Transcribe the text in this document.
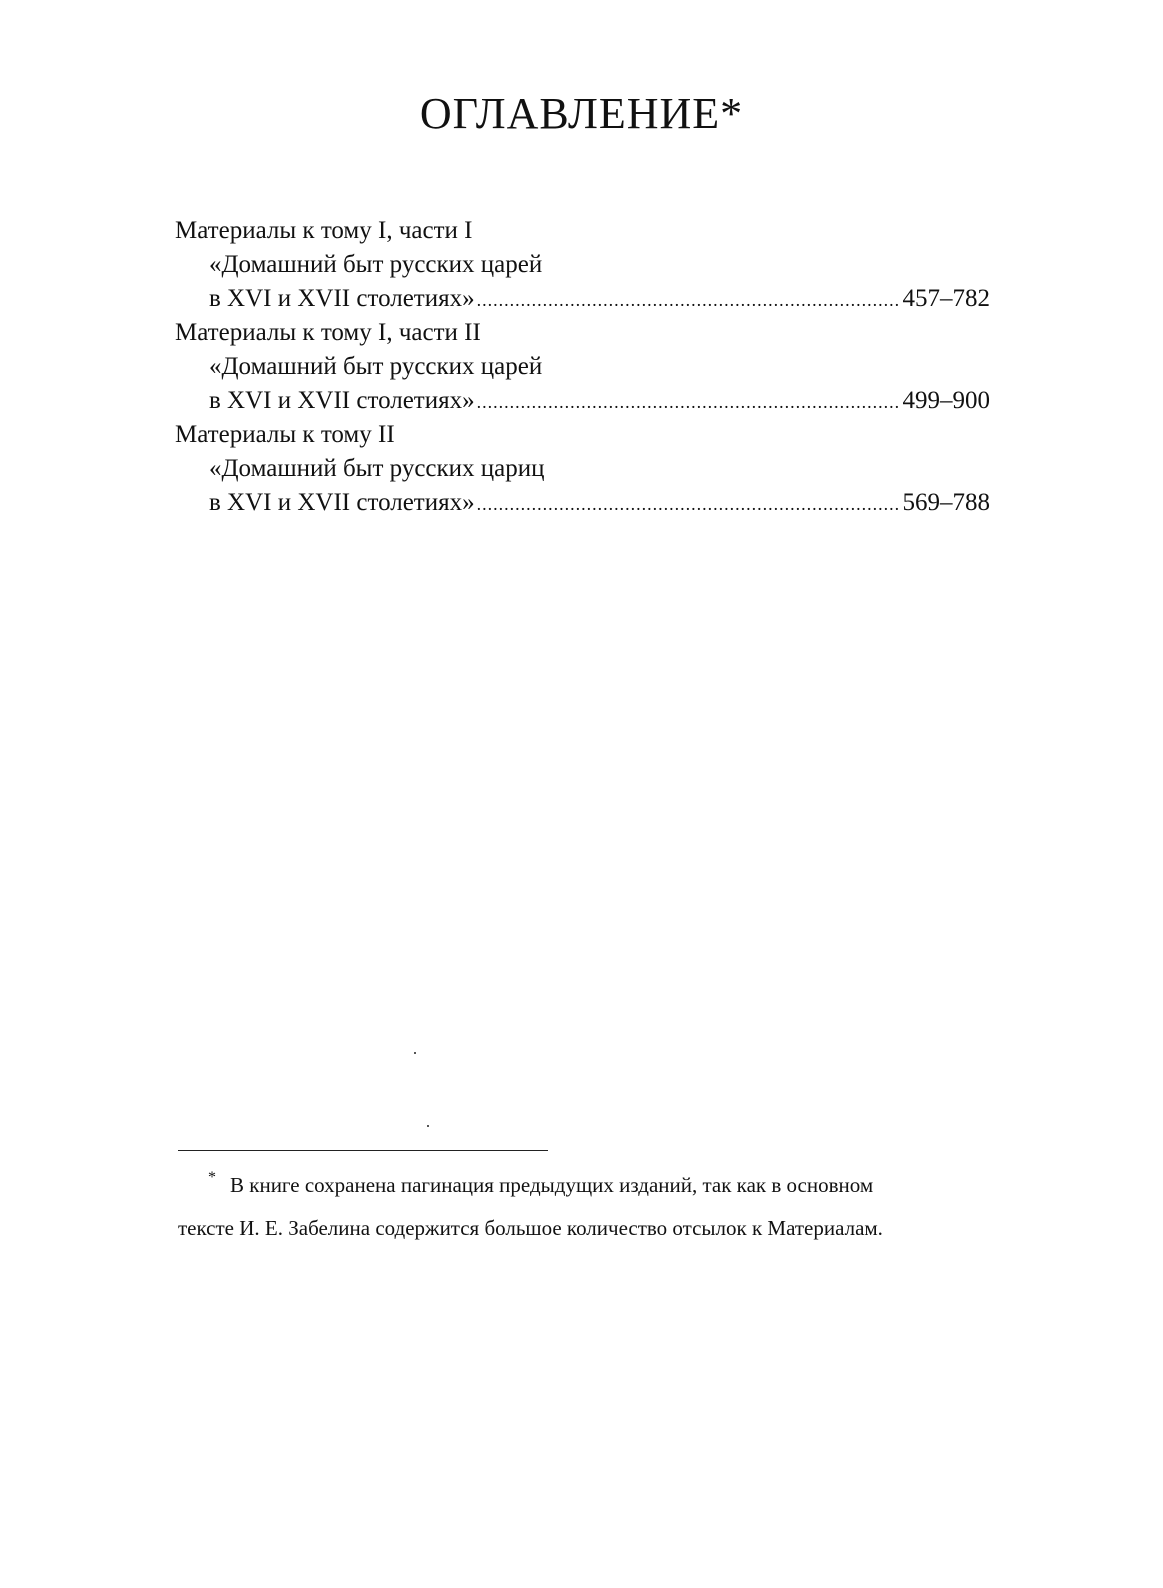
ОГЛАВЛЕНИЕ*
Материалы к тому I, части I
«Домашний быт русских царей
в XVI и XVII столетиях» .....	457–782
Материалы к тому I, части II
«Домашний быт русских царей
в XVI и XVII столетиях» .....	499–900
Материалы к тому II
«Домашний быт русских цариц
в XVI и XVII столетиях» .....	569–788
* В книге сохранена пагинация предыдущих изданий, так как в основном
тексте И. Е. Забелина содержится большое количество отсылок к Материалам.
